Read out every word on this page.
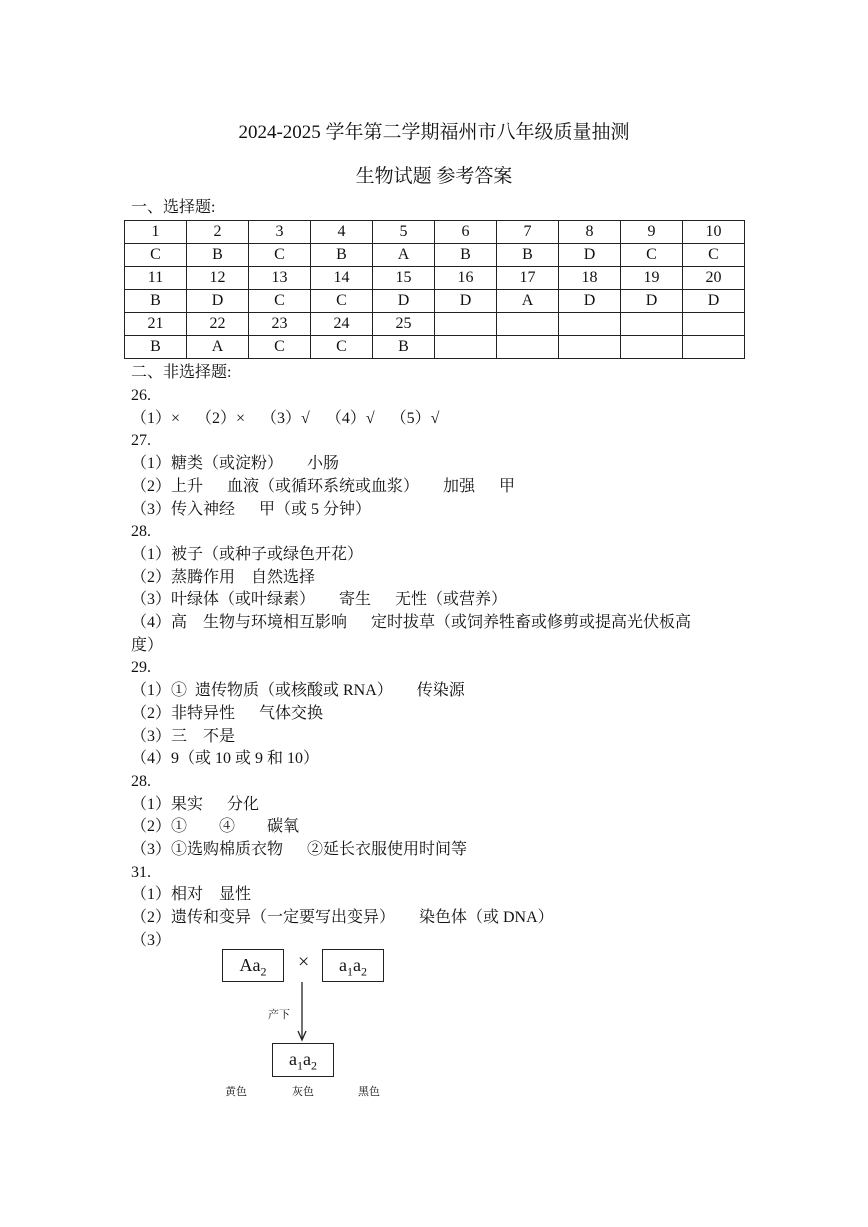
2024-2025 学年第二学期福州市八年级质量抽测
生物试题 参考答案
一、选择题:
1	2	3	4	5	6	7	8	9	10
C	B	C	B	A	B	B	D	C	C
11	12	13	14	15	16	17	18	19	20
B	D	C	C	D	D	A	D	D	D
21	22	23	24	25					
B	A	C	C	B					
二、非选择题:
26.
（1）×    （2）×    （3）√    （4）√    （5）√
27.
（1）糖类（或淀粉）      小肠
（2）上升      血液（或循环系统或血浆）      加强      甲
（3）传入神经      甲（或 5 分钟）
28.
（1）被子（或种子或绿色开花）
（2）蒸腾作用    自然选择
（3）叶绿体（或叶绿素）      寄生      无性（或营养）
（4）高    生物与环境相互影响      定时拔草（或饲养牲畜或修剪或提高光伏板高
度）
29.
（1）①  遗传物质（或核酸或 RNA）      传染源
（2）非特异性      气体交换
（3）三    不是
（4）9（或 10 或 9 和 10）
28.
（1）果实      分化
（2）①        ④        碳氧
（3）①选购棉质衣物      ②延长衣服使用时间等
31.
（1）相对    显性
（2）遗传和变异（一定要写出变异）      染色体（或 DNA）
（3）
$Aa_2$	×	$a_1a_2$
产下
$a_1a_2$
黄色	灰色	黑色
